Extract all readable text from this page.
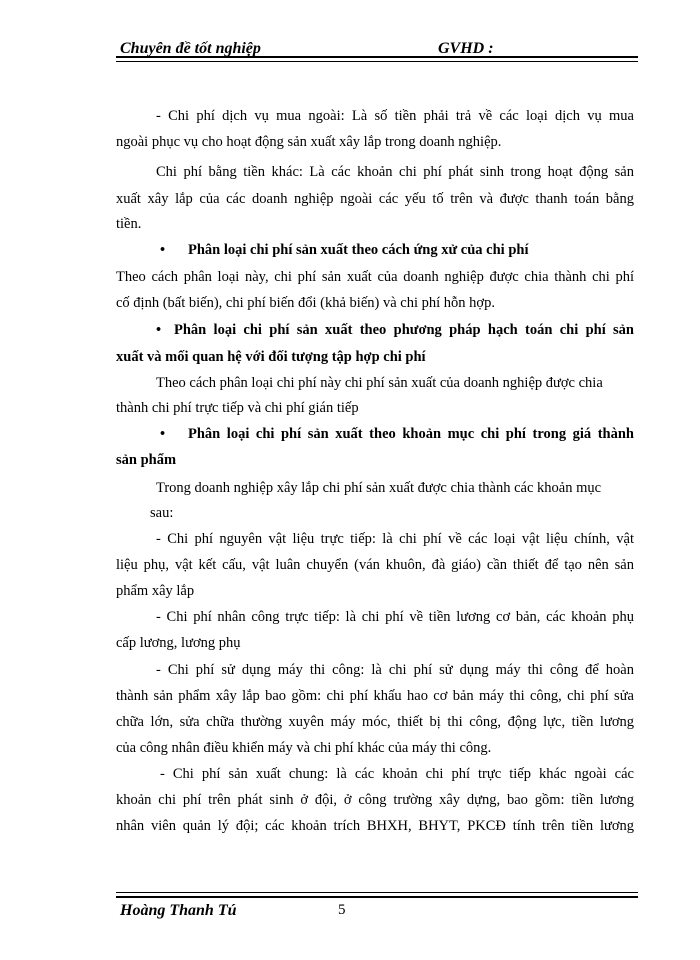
Chuyên đề tốt nghiệp	GVHD :
- Chi phí dịch vụ mua ngoài: Là số tiền phải trả về các loại dịch vụ mua
ngoài phục vụ cho hoạt động sản xuất xây lắp trong doanh nghiệp.
Chi phí bằng tiền khác: Là các khoản chi phí phát sinh trong hoạt động sản
xuất xây lắp của các doanh nghiệp ngoài các yếu tố trên và được thanh toán bằng
tiền.
• Phân loại chi phí sản xuất theo cách ứng xử của chi phí
Theo cách phân loại này, chi phí sản xuất của doanh nghiệp được chia thành chi phí
cố định (bất biến), chi phí biến đổi (khả biến) và chi phí hỗn hợp.
• Phân loại chi phí sản xuất theo phương pháp hạch toán chi phí sản
xuất và mối quan hệ với đối tượng tập hợp chi phí
Theo cách phân loại chi phí này chi phí sản xuất của doanh nghiệp được chia
thành chi phí trực tiếp và chi phí gián tiếp
• Phân loại chi phí sản xuất theo khoản mục chi phí trong giá thành
sản phẩm
Trong doanh nghiệp xây lắp chi phí sản xuất được chia thành các khoản mục
sau:
- Chi phí nguyên vật liệu trực tiếp: là chi phí về các loại vật liệu chính, vật
liệu phụ, vật kết cấu, vật luân chuyển (ván khuôn, đà giáo) cần thiết để tạo nên sản
phẩm xây lắp
- Chi phí nhân công trực tiếp: là chi phí về tiền lương cơ bản, các khoản phụ
cấp lương, lương phụ
- Chi phí sử dụng máy thi công: là chi phí sử dụng máy thi công để hoàn
thành sản phẩm xây lắp bao gồm: chi phí khấu hao cơ bản máy thi công, chi phí sửa
chữa lớn, sửa chữa thường xuyên máy móc, thiết bị thi công, động lực, tiền lương
của công nhân điều khiển máy và chi phí khác của máy thi công.
- Chi phí sản xuất chung: là các khoản chi phí trực tiếp khác ngoài các
khoản chi phí trên phát sinh ở đội, ở công trường xây dựng, bao gồm: tiền lương
nhân viên quản lý đội; các khoản trích BHXH, BHYT, PKCĐ tính trên tiền lương
Hoàng Thanh Tú	5
